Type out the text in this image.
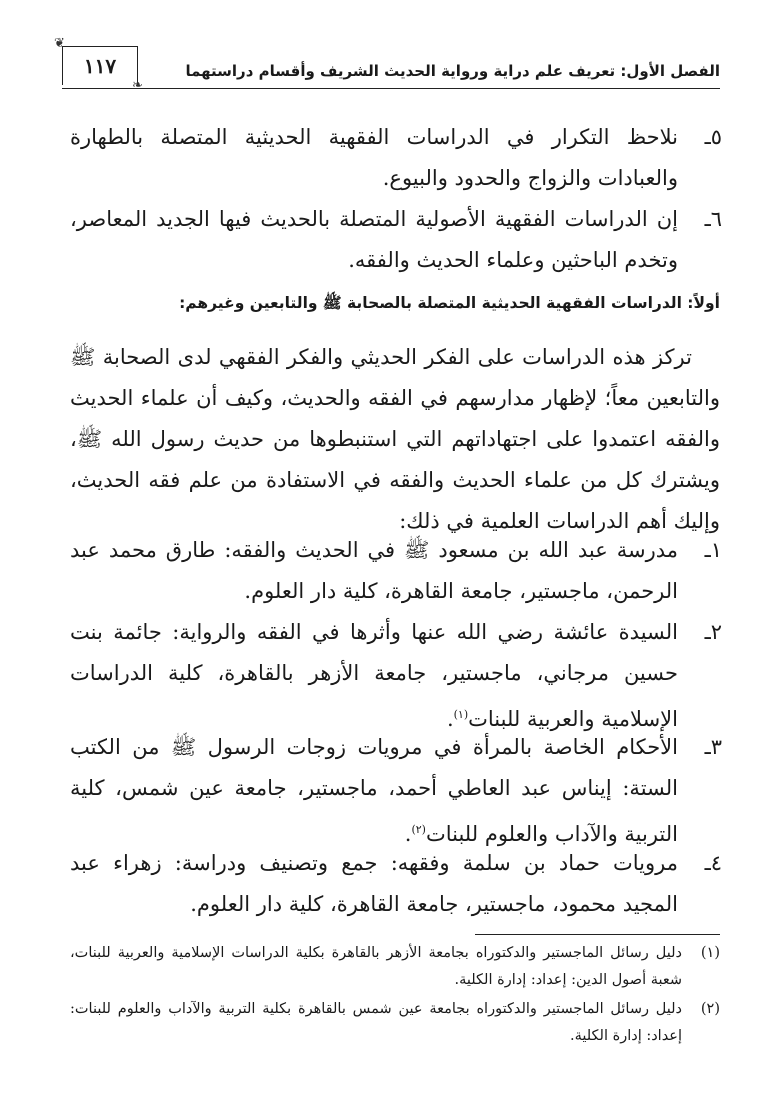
الفصل الأول: تعريف علم دراية ورواية الحديث الشريف وأقسام دراستهما
١١٧
❦
❧
٥ـ
نلاحظ التكرار في الدراسات الفقهية الحديثية المتصلة بالطهارة والعبادات والزواج والحدود والبيوع.
٦ـ
إن الدراسات الفقهية الأصولية المتصلة بالحديث فيها الجديد المعاصر، وتخدم الباحثين وعلماء الحديث والفقه.
أولاً: الدراسات الفقهية الحديثية المتصلة بالصحابة ﷺ والتابعين وغيرهم:
تركز هذه الدراسات على الفكر الحديثي والفكر الفقهي لدى الصحابة ﷺ والتابعين معاً؛ لإظهار مدارسهم في الفقه والحديث، وكيف أن علماء الحديث والفقه اعتمدوا على اجتهاداتهم التي استنبطوها من حديث رسول الله ﷺ، ويشترك كل من علماء الحديث والفقه في الاستفادة من علم فقه الحديث، وإليك أهم الدراسات العلمية في ذلك:
١ـ
مدرسة عبد الله بن مسعود ﷺ في الحديث والفقه: طارق محمد عبد الرحمن، ماجستير، جامعة القاهرة، كلية دار العلوم.
٢ـ
السيدة عائشة رضي الله عنها وأثرها في الفقه والرواية: جائمة بنت حسين مرجاني، ماجستير، جامعة الأزهر بالقاهرة، كلية الدراسات الإسلامية والعربية للبنات$^{(١)}$.
٣ـ
الأحكام الخاصة بالمرأة في مرويات زوجات الرسول ﷺ من الكتب الستة: إيناس عبد العاطي أحمد، ماجستير، جامعة عين شمس، كلية التربية والآداب والعلوم للبنات$^{(٢)}$.
٤ـ
مرويات حماد بن سلمة وفقهه: جمع وتصنيف ودراسة: زهراء عبد المجيد محمود، ماجستير، جامعة القاهرة، كلية دار العلوم.
(١)
دليل رسائل الماجستير والدكتوراه بجامعة الأزهر بالقاهرة بكلية الدراسات الإسلامية والعربية للبنات، شعبة أصول الدين: إعداد: إدارة الكلية.
(٢)
دليل رسائل الماجستير والدكتوراه بجامعة عين شمس بالقاهرة بكلية التربية والآداب والعلوم للبنات: إعداد: إدارة الكلية.
